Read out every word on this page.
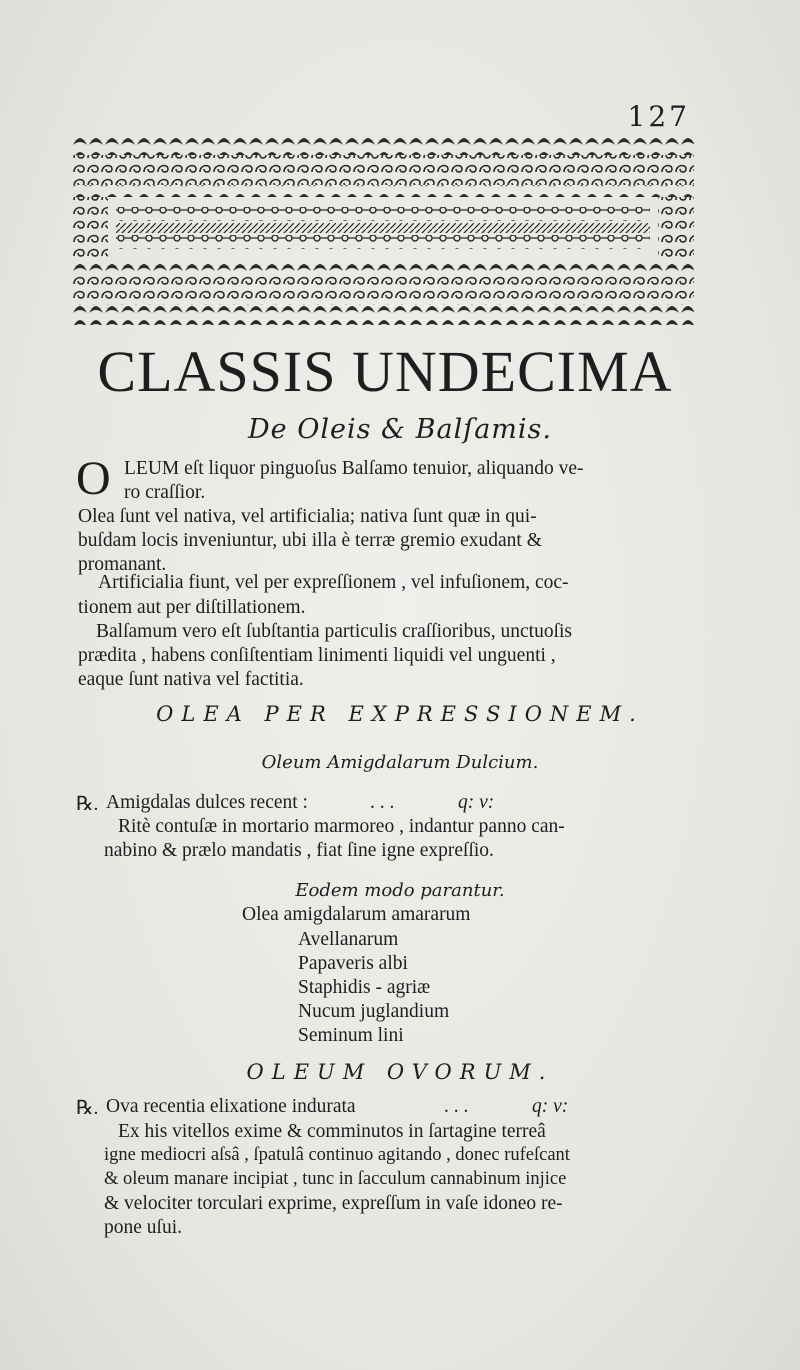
127
CLASSIS UNDECIMA
De Oleis & Balſamis.
O LEUM eſt liquor pinguoſus Balſamo tenuior, aliquando ve-
ro craſſior.
Olea ſunt vel nativa, vel artificialia; nativa ſunt quæ in qui-
buſdam locis inveniuntur, ubi illa è terræ gremio exudant &
promanant.
Artificialia fiunt, vel per expreſſionem , vel infuſionem, coc-
tionem aut per diſtillationem.
Balſamum vero eſt ſubſtantia particulis craſſioribus, unctuoſis
prædita , habens conſiſtentiam linimenti liquidi vel unguenti ,
eaque ſunt nativa vel factitia.
OLEA PER EXPRESSIONEM.
Oleum Amigdalarum Dulcium.
℞. Amigdalas dulces recent :	. . .	q: v:
Ritè contuſæ in mortario marmoreo , indantur panno can-
nabino & prælo mandatis , fiat ſine igne expreſſio.
Eodem modo parantur.
Olea amigdalarum amararum
Avellanarum
Papaveris albi
Staphidis - agriæ
Nucum juglandium
Seminum lini
OLEUM OVORUM.
℞. Ova recentia elixatione indurata	. . .	q: v:
Ex his vitellos exime & comminutos in ſartagine terreâ
igne mediocri aſsâ , ſpatulâ continuo agitando , donec rufeſcant
& oleum manare incipiat , tunc in ſacculum cannabinum injice
& velociter torculari exprime, expreſſum in vaſe idoneo re-
pone uſui.
